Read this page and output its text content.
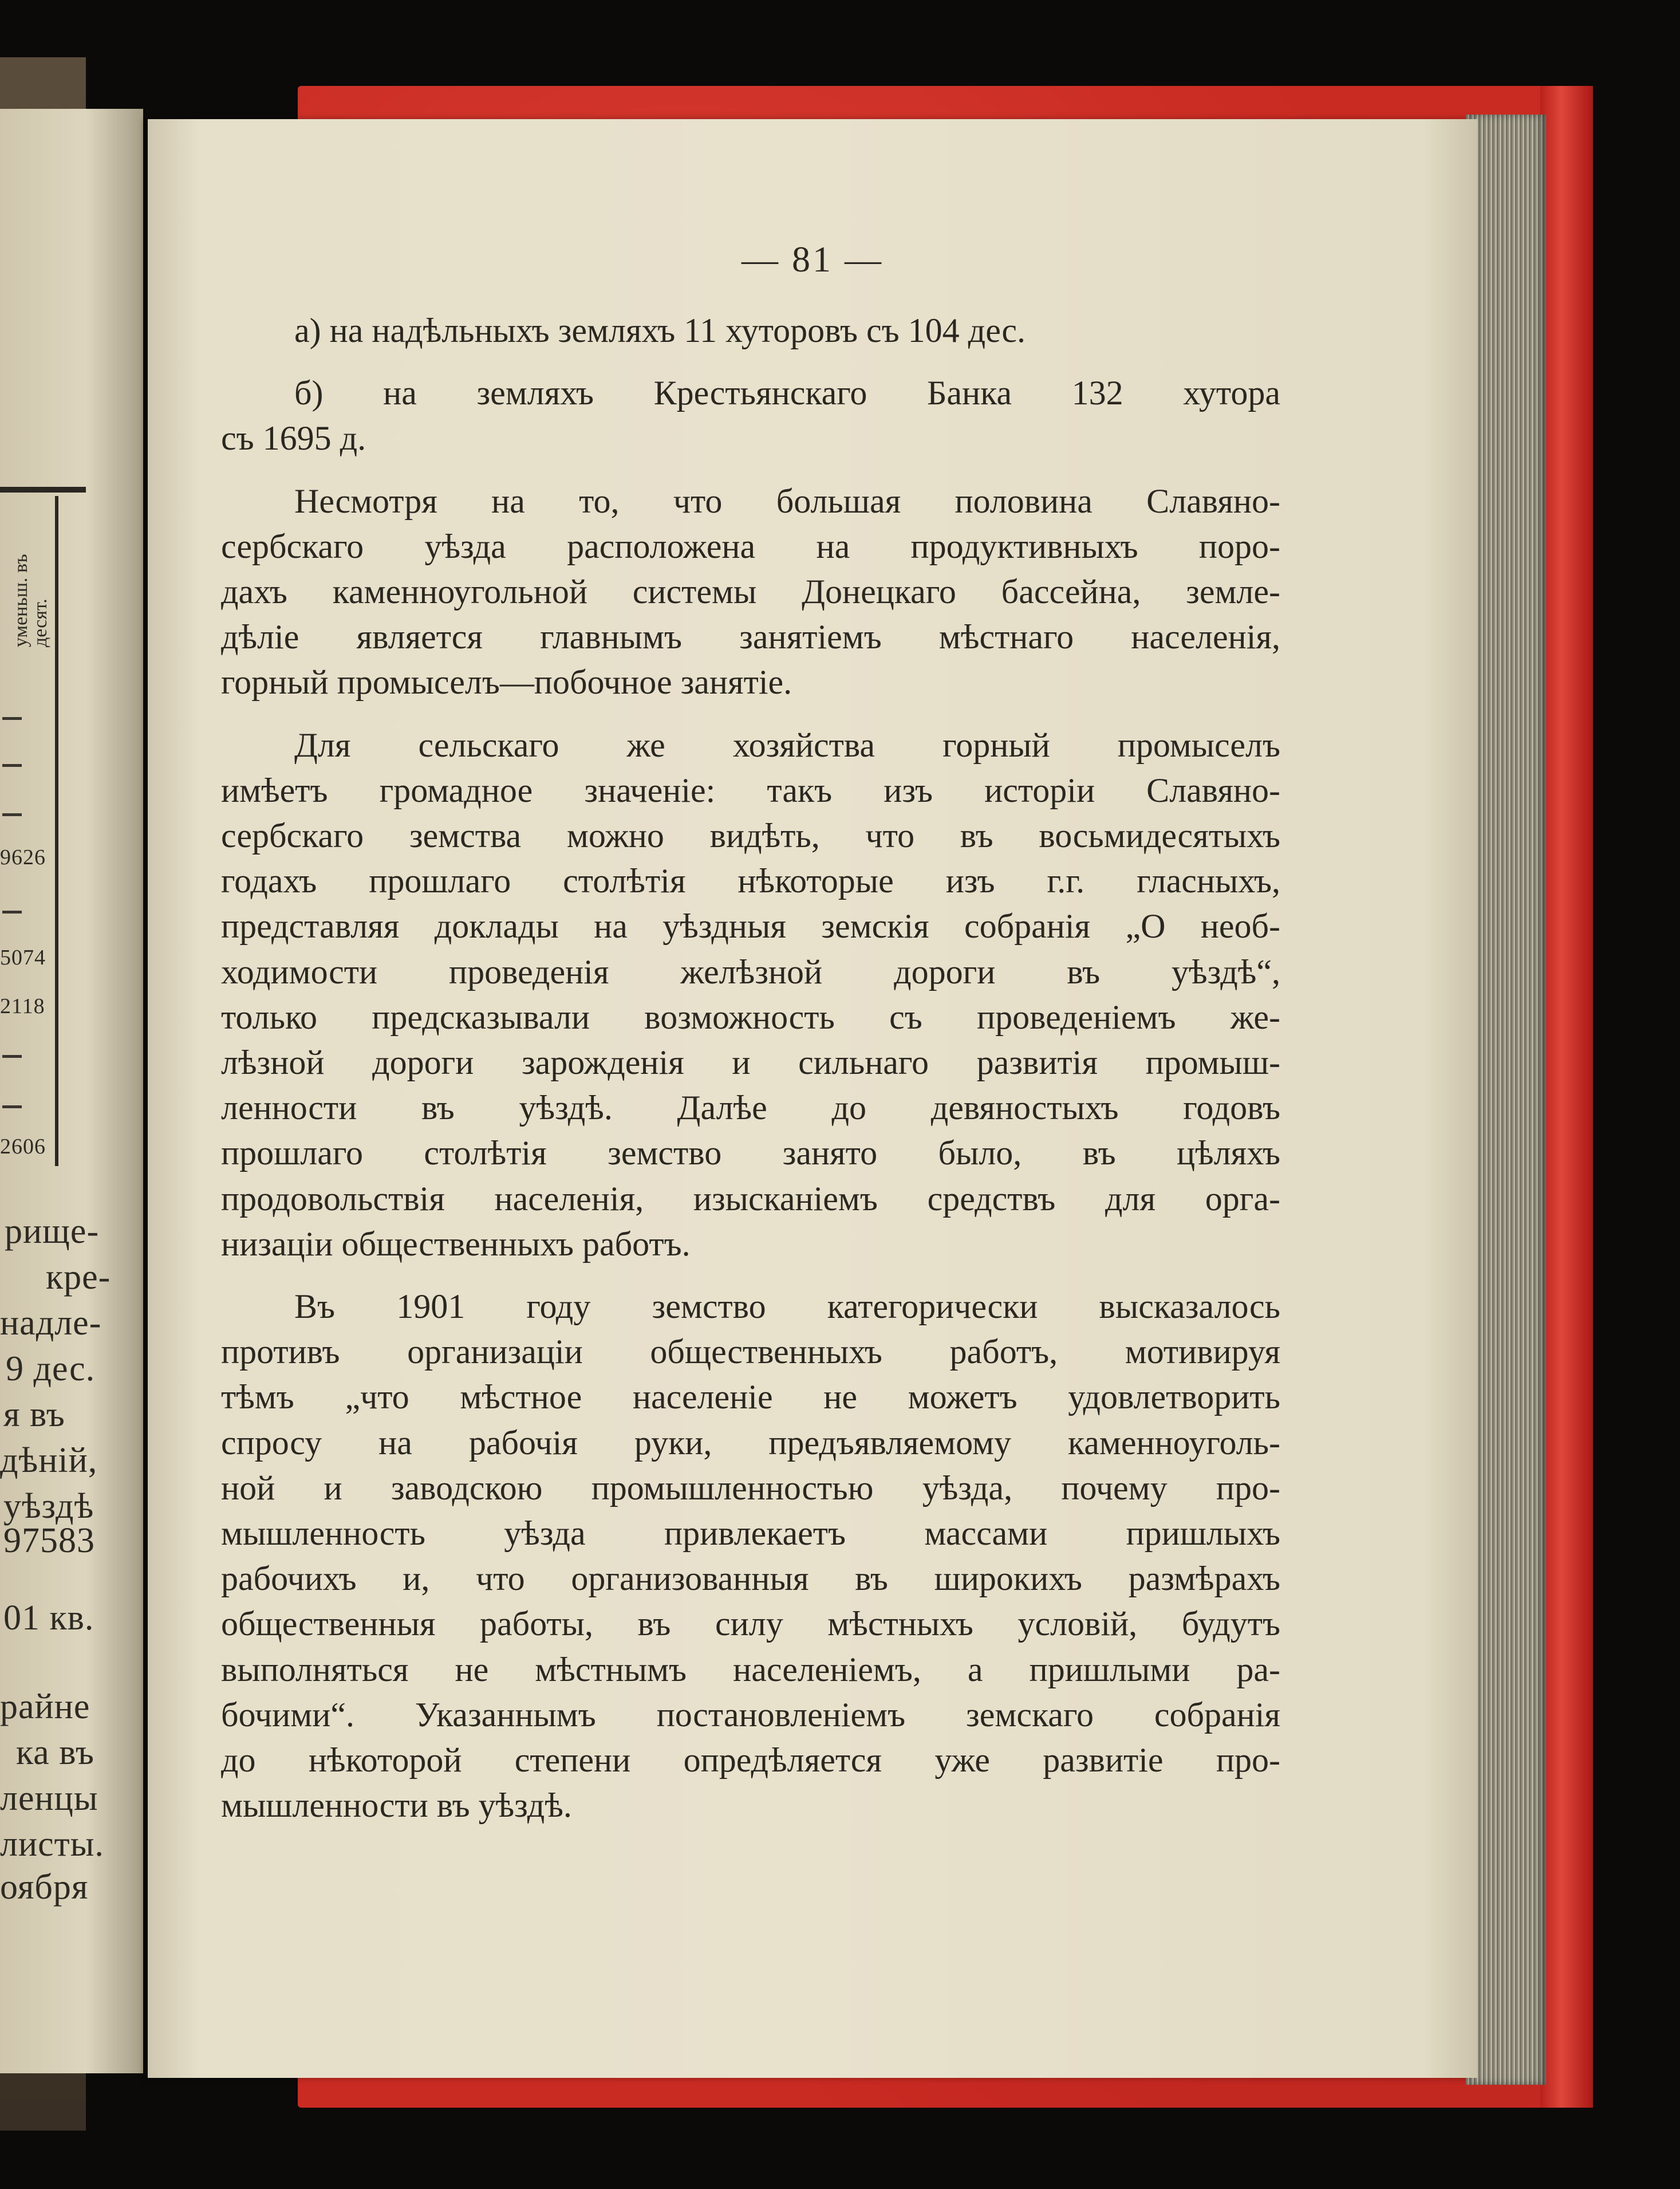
уменьш. въ десят.
9626
5074
2118
2606
рище-
кре-
надле-
9 дес.
я въ
дѣній,
уѣздѣ
97583
01 кв.
райне
ка въ
ленцы
листы.
оября
— 81 —

а) на надѣльныхъ земляхъ 11 хуторовъ съ 104 дес.

б) на земляхъ Крестьянскаго Банка 132 хутора
съ 1695 д.

Несмотря на то, что большая половина Славяно-
сербскаго уѣзда расположена на продуктивныхъ поро-
дахъ каменноугольной системы Донецкаго бассейна, земле-
дѣліе является главнымъ занятіемъ мѣстнаго населенія,
горный промыселъ—побочное занятіе.

Для сельскаго же хозяйства горный промыселъ
имѣетъ громадное значеніе: такъ изъ исторіи Славяно-
сербскаго земства можно видѣть, что въ восьмидесятыхъ
годахъ прошлаго столѣтія нѣкоторые изъ г.г. гласныхъ,
представляя доклады на уѣздныя земскія собранія „О необ-
ходимости проведенія желѣзной дороги въ уѣздѣ“,
только предсказывали возможность съ проведеніемъ же-
лѣзной дороги зарожденія и сильнаго развитія промыш-
ленности въ уѣздѣ. Далѣе до девяностыхъ годовъ
прошлаго столѣтія земство занято было, въ цѣляхъ
продовольствія населенія, изысканіемъ средствъ для орга-
низаціи общественныхъ работъ.

Въ 1901 году земство категорически высказалось
противъ организаціи общественныхъ работъ, мотивируя
тѣмъ „что мѣстное населеніе не можетъ удовлетворить
спросу на рабочія руки, предъявляемому каменноуголь-
ной и заводскою промышленностью уѣзда, почему про-
мышленность уѣзда привлекаетъ массами пришлыхъ
рабочихъ и, что организованныя въ широкихъ размѣрахъ
общественныя работы, въ силу мѣстныхъ условій, будутъ
выполняться не мѣстнымъ населеніемъ, а пришлыми ра-
бочими“. Указаннымъ постановленіемъ земскаго собранія
до нѣкоторой степени опредѣляется уже развитіе про-
мышленности въ уѣздѣ.
